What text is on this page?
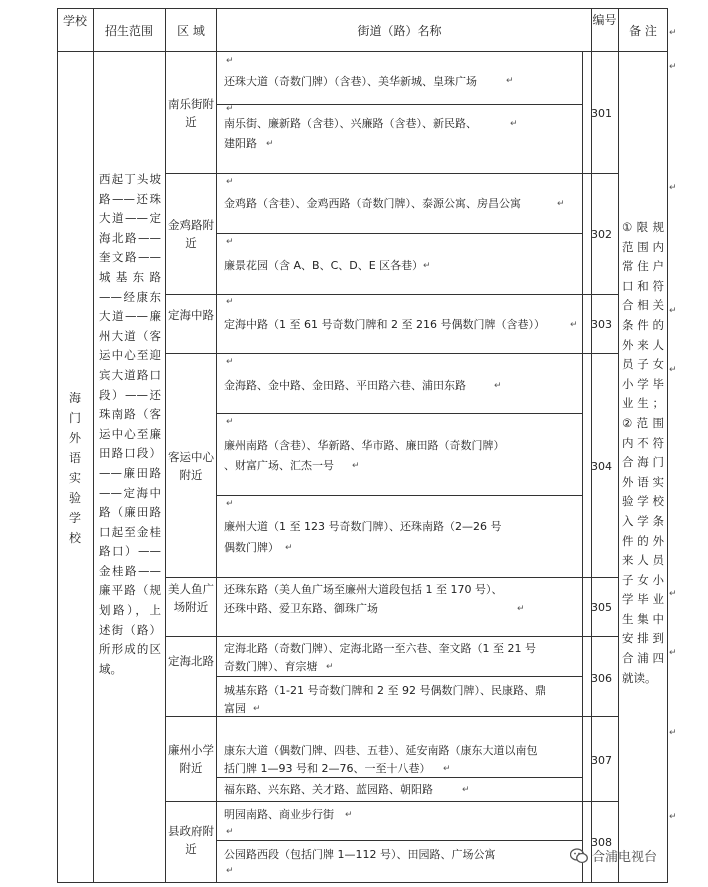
学校
招生范围	区 域	街道（路）名称
编号
备 注
海门外语实验学校
西起丁头坡路——还珠大道——定海北路——奎文路——城基东路——经康东大道——廉州大道（客运中心至迎宾大道路口段）——还珠南路（客运中心至廉田路口段）——廉田路——定海中路（廉田路口起至金桂路口）——金桂路——廉平路（规划路），上述街（路）所形成的区域。
①限规范围内常住户口和符合相关条件的外来人员子女小学毕业生；②范围内不符合海门外语实验学校入学条件的外来人员子女小学毕业生集中安排到合浦四就读。
南乐街附近
金鸡路附近
定海中路
客运中心附近
美人鱼广场附近
定海北路
廉州小学附近
县政府附近
301
302
303
304
305
306
307
308
还珠大道（奇数门牌）（含巷）、美华新城、皇珠广场
南乐街、廉新路（含巷）、兴廉路（含巷）、新民路、
建阳路
金鸡路（含巷）、金鸡西路（奇数门牌）、泰源公寓、房昌公寓
廉景花园（含 A、B、C、D、E 区各巷）
定海中路（1 至 61 号奇数门牌和 2 至 216 号偶数门牌（含巷））
金海路、金中路、金田路、平田路六巷、浦田东路
廉州南路（含巷）、华新路、华市路、廉田路（奇数门牌）
、财富广场、汇杰一号
廉州大道（1 至 123 号奇数门牌）、还珠南路（2—26 号
偶数门牌）
还珠东路（美人鱼广场至廉州大道段包括 1 至 170 号）、
还珠中路、爱卫东路、御珠广场
定海北路（奇数门牌）、定海北路一至六巷、奎文路（1 至 21 号
奇数门牌）、育宗塘
城基东路（1-21 号奇数门牌和 2 至 92 号偶数门牌）、民康路、鼎
富园
康东大道（偶数门牌、四巷、五巷）、延安南路（康东大道以南包
括门牌 1—93 号和 2—76、一至十八巷）
福东路、兴东路、关才路、蓝园路、朝阳路
明园南路、商业步行街
公园路西段（包括门牌 1—112 号）、田园路、广场公寓
↵
↵
↵
↵
↵
↵
↵
↵
↵
↵
↵
↵
↵
↵
↵
↵
↵
↵
↵
↵
↵
↵
↵
↵
↵
↵
↵
↵
↵
↵
↵
↵
↵
↵
合浦电视台
